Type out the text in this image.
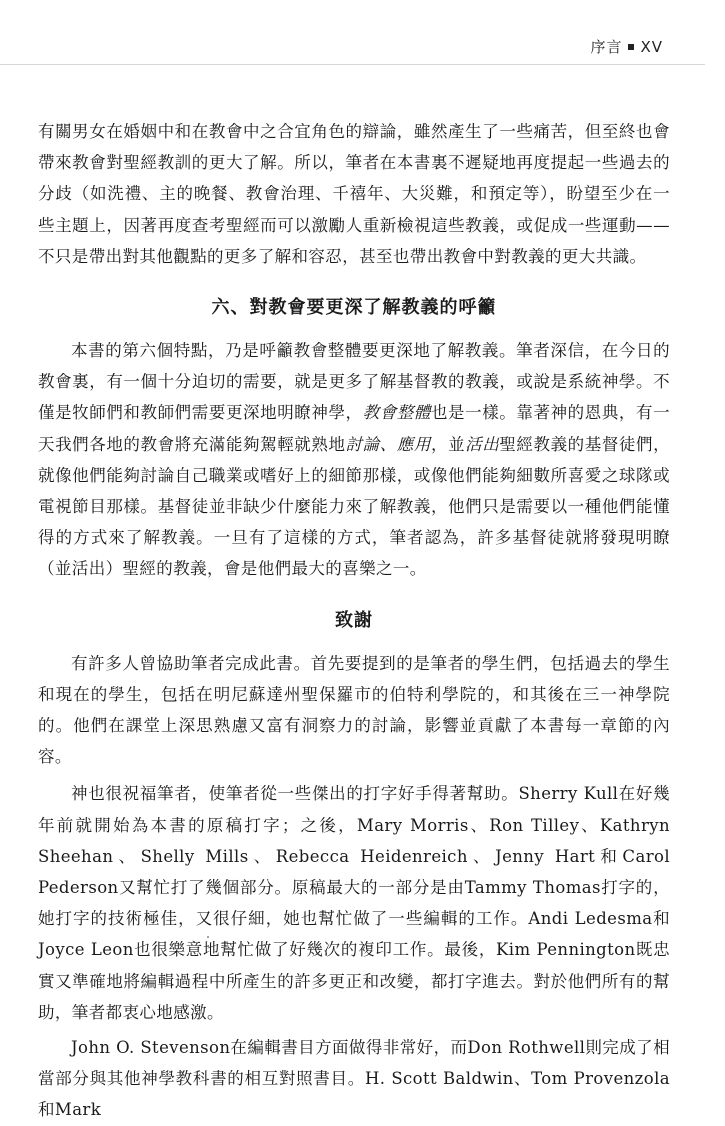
序言 XV

有關男女在婚姻中和在教會中之合宜角色的辯論，雖然產生了一些痛苦，但至終也會帶來教會對聖經教訓的更大了解。所以，筆者在本書裏不遲疑地再度提起一些過去的分歧（如洗禮、主的晚餐、教會治理、千禧年、大災難，和預定等），盼望至少在一些主題上，因著再度查考聖經而可以激勵人重新檢視這些教義，或促成一些運動——不只是帶出對其他觀點的更多了解和容忍，甚至也帶出教會中對教義的更大共識。

六、對教會要更深了解教義的呼籲

本書的第六個特點，乃是呼籲教會整體要更深地了解教義。筆者深信，在今日的教會裏，有一個十分迫切的需要，就是更多了解基督教的教義，或說是系統神學。不僅是牧師們和教師們需要更深地明瞭神學，教會整體也是一樣。靠著神的恩典，有一天我們各地的教會將充滿能夠駕輕就熟地討論、應用，並活出聖經教義的基督徒們，就像他們能夠討論自己職業或嗜好上的細節那樣，或像他們能夠細數所喜愛之球隊或電視節目那樣。基督徒並非缺少什麼能力來了解教義，他們只是需要以一種他們能懂得的方式來了解教義。一旦有了這樣的方式，筆者認為，許多基督徒就將發現明瞭（並活出）聖經的教義，會是他們最大的喜樂之一。

致謝

有許多人曾協助筆者完成此書。首先要提到的是筆者的學生們，包括過去的學生和現在的學生，包括在明尼蘇達州聖保羅市的伯特利學院的，和其後在三一神學院的。他們在課堂上深思熟慮又富有洞察力的討論，影響並貢獻了本書每一章節的內容。

神也很祝福筆者，使筆者從一些傑出的打字好手得著幫助。Sherry Kull在好幾年前就開始為本書的原稿打字；之後，Mary Morris、Ron Tilley、Kathryn Sheehan、Shelly Mills、Rebecca Heidenreich、Jenny Hart和Carol Pederson又幫忙打了幾個部分。原稿最大的一部分是由Tammy Thomas打字的，她打字的技術極佳，又很仔細，她也幫忙做了一些編輯的工作。Andi Ledesma和Joyce Leon也很樂意地幫忙做了好幾次的複印工作。最後，Kim Pennington既忠實又準確地將編輯過程中所產生的許多更正和改變，都打字進去。對於他們所有的幫助，筆者都衷心地感激。

John O. Stevenson在編輯書目方面做得非常好，而Don Rothwell則完成了相當部分與其他神學教科書的相互對照書目。H. Scott Baldwin、Tom Provenzola和Mark
